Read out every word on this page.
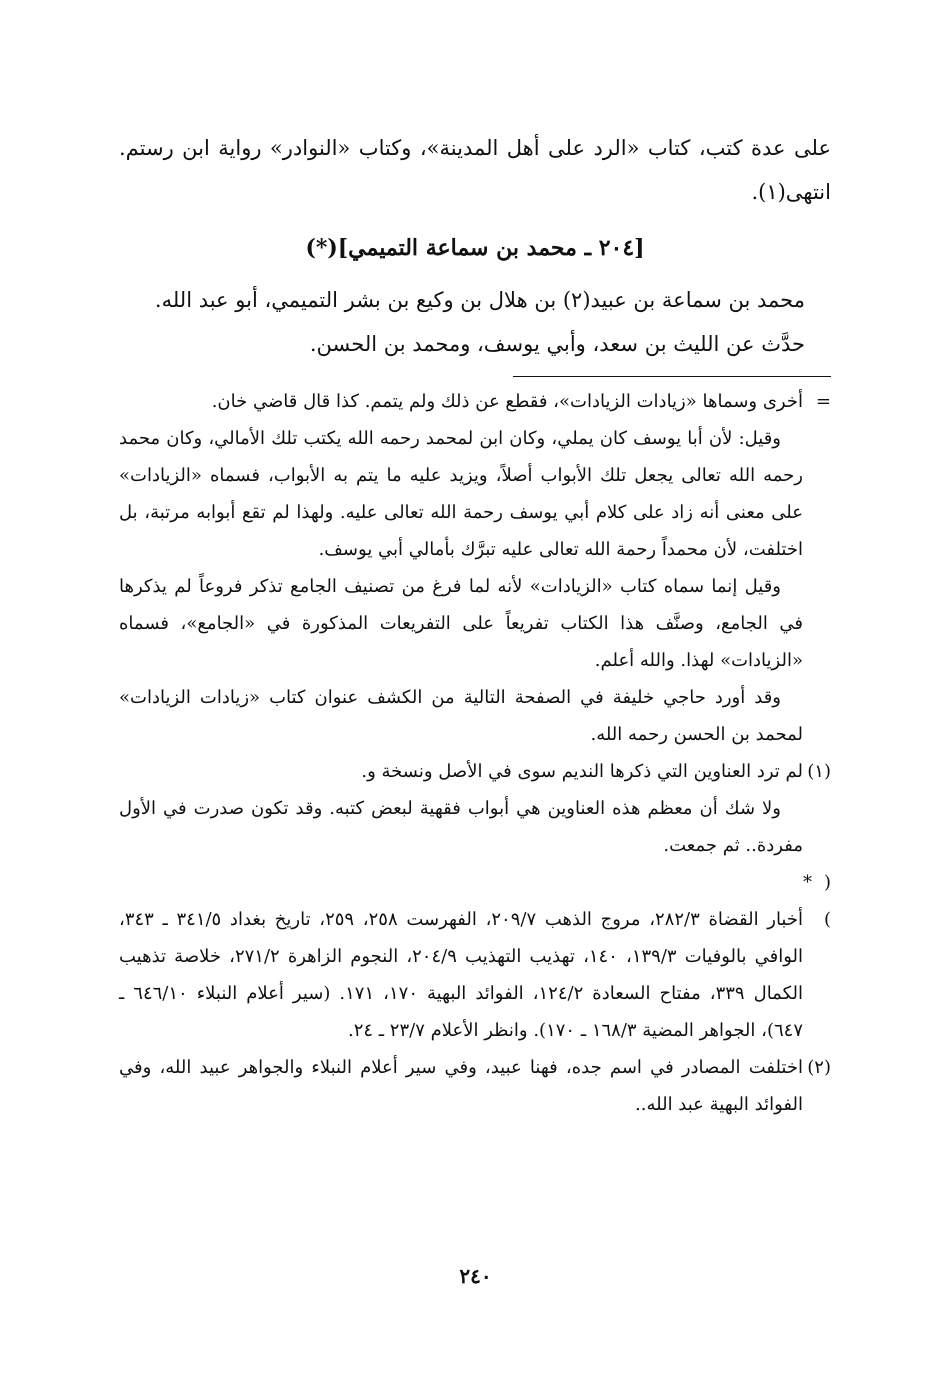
على عدة كتب، كتاب «الرد على أهل المدينة»، وكتاب «النوادر» رواية ابن رستم. انتهى(١).

[٢٠٤ ـ محمد بن سماعة التميمي](*)

محمد بن سماعة بن عبيد(٢) بن هلال بن وكيع بن بشر التميمي، أبو عبد الله.

حدَّث عن الليث بن سعد، وأبي يوسف، ومحمد بن الحسن.

=أخرى وسماها «زيادات الزيادات»، فقطع عن ذلك ولم يتمم. كذا قال قاضي خان.

وقيل: لأن أبا يوسف كان يملي، وكان ابن لمحمد رحمه الله يكتب تلك الأمالي، وكان محمد رحمه الله تعالى يجعل تلك الأبواب أصلاً، ويزيد عليه ما يتم به الأبواب، فسماه «الزيادات» على معنى أنه زاد على كلام أبي يوسف رحمة الله تعالى عليه. ولهذا لم تقع أبوابه مرتبة، بل اختلفت، لأن محمداً رحمة الله تعالى عليه تبرَّك بأمالي أبي يوسف.

وقيل إنما سماه كتاب «الزيادات» لأنه لما فرغ من تصنيف الجامع تذكر فروعاً لم يذكرها في الجامع، وصنَّف هذا الكتاب تفريعاً على التفريعات المذكورة في «الجامع»، فسماه «الزيادات» لهذا. والله أعلم.

وقد أورد حاجي خليفة في الصفحة التالية من الكشف عنوان كتاب «زيادات الزيادات» لمحمد بن الحسن رحمه الله.

(١)لم ترد العناوين التي ذكرها النديم سوى في الأصل ونسخة و.

ولا شك أن معظم هذه العناوين هي أبواب فقهية لبعض كتبه. وقد تكون صدرت في الأول مفردة.. ثم جمعت.

( * )أخبار القضاة ٢٨٢/٣، مروج الذهب ٢٠٩/٧، الفهرست ٢٥٨، ٢٥٩، تاريخ بغداد ٣٤١/٥ ـ ٣٤٣، الوافي بالوفيات ١٣٩/٣، ١٤٠، تهذيب التهذيب ٢٠٤/٩، النجوم الزاهرة ٢٧١/٢، خلاصة تذهيب الكمال ٣٣٩، مفتاح السعادة ١٢٤/٢، الفوائد البهية ١٧٠، ١٧١. (سير أعلام النبلاء ٦٤٦/١٠ ـ ٦٤٧)، الجواهر المضية ١٦٨/٣ ـ ١٧٠). وانظر الأعلام ٢٣/٧ ـ ٢٤.

(٢)اختلفت المصادر في اسم جده، فهنا عبيد، وفي سير أعلام النبلاء والجواهر عبيد الله، وفي الفوائد البهية عبد الله..

٢٤٠
